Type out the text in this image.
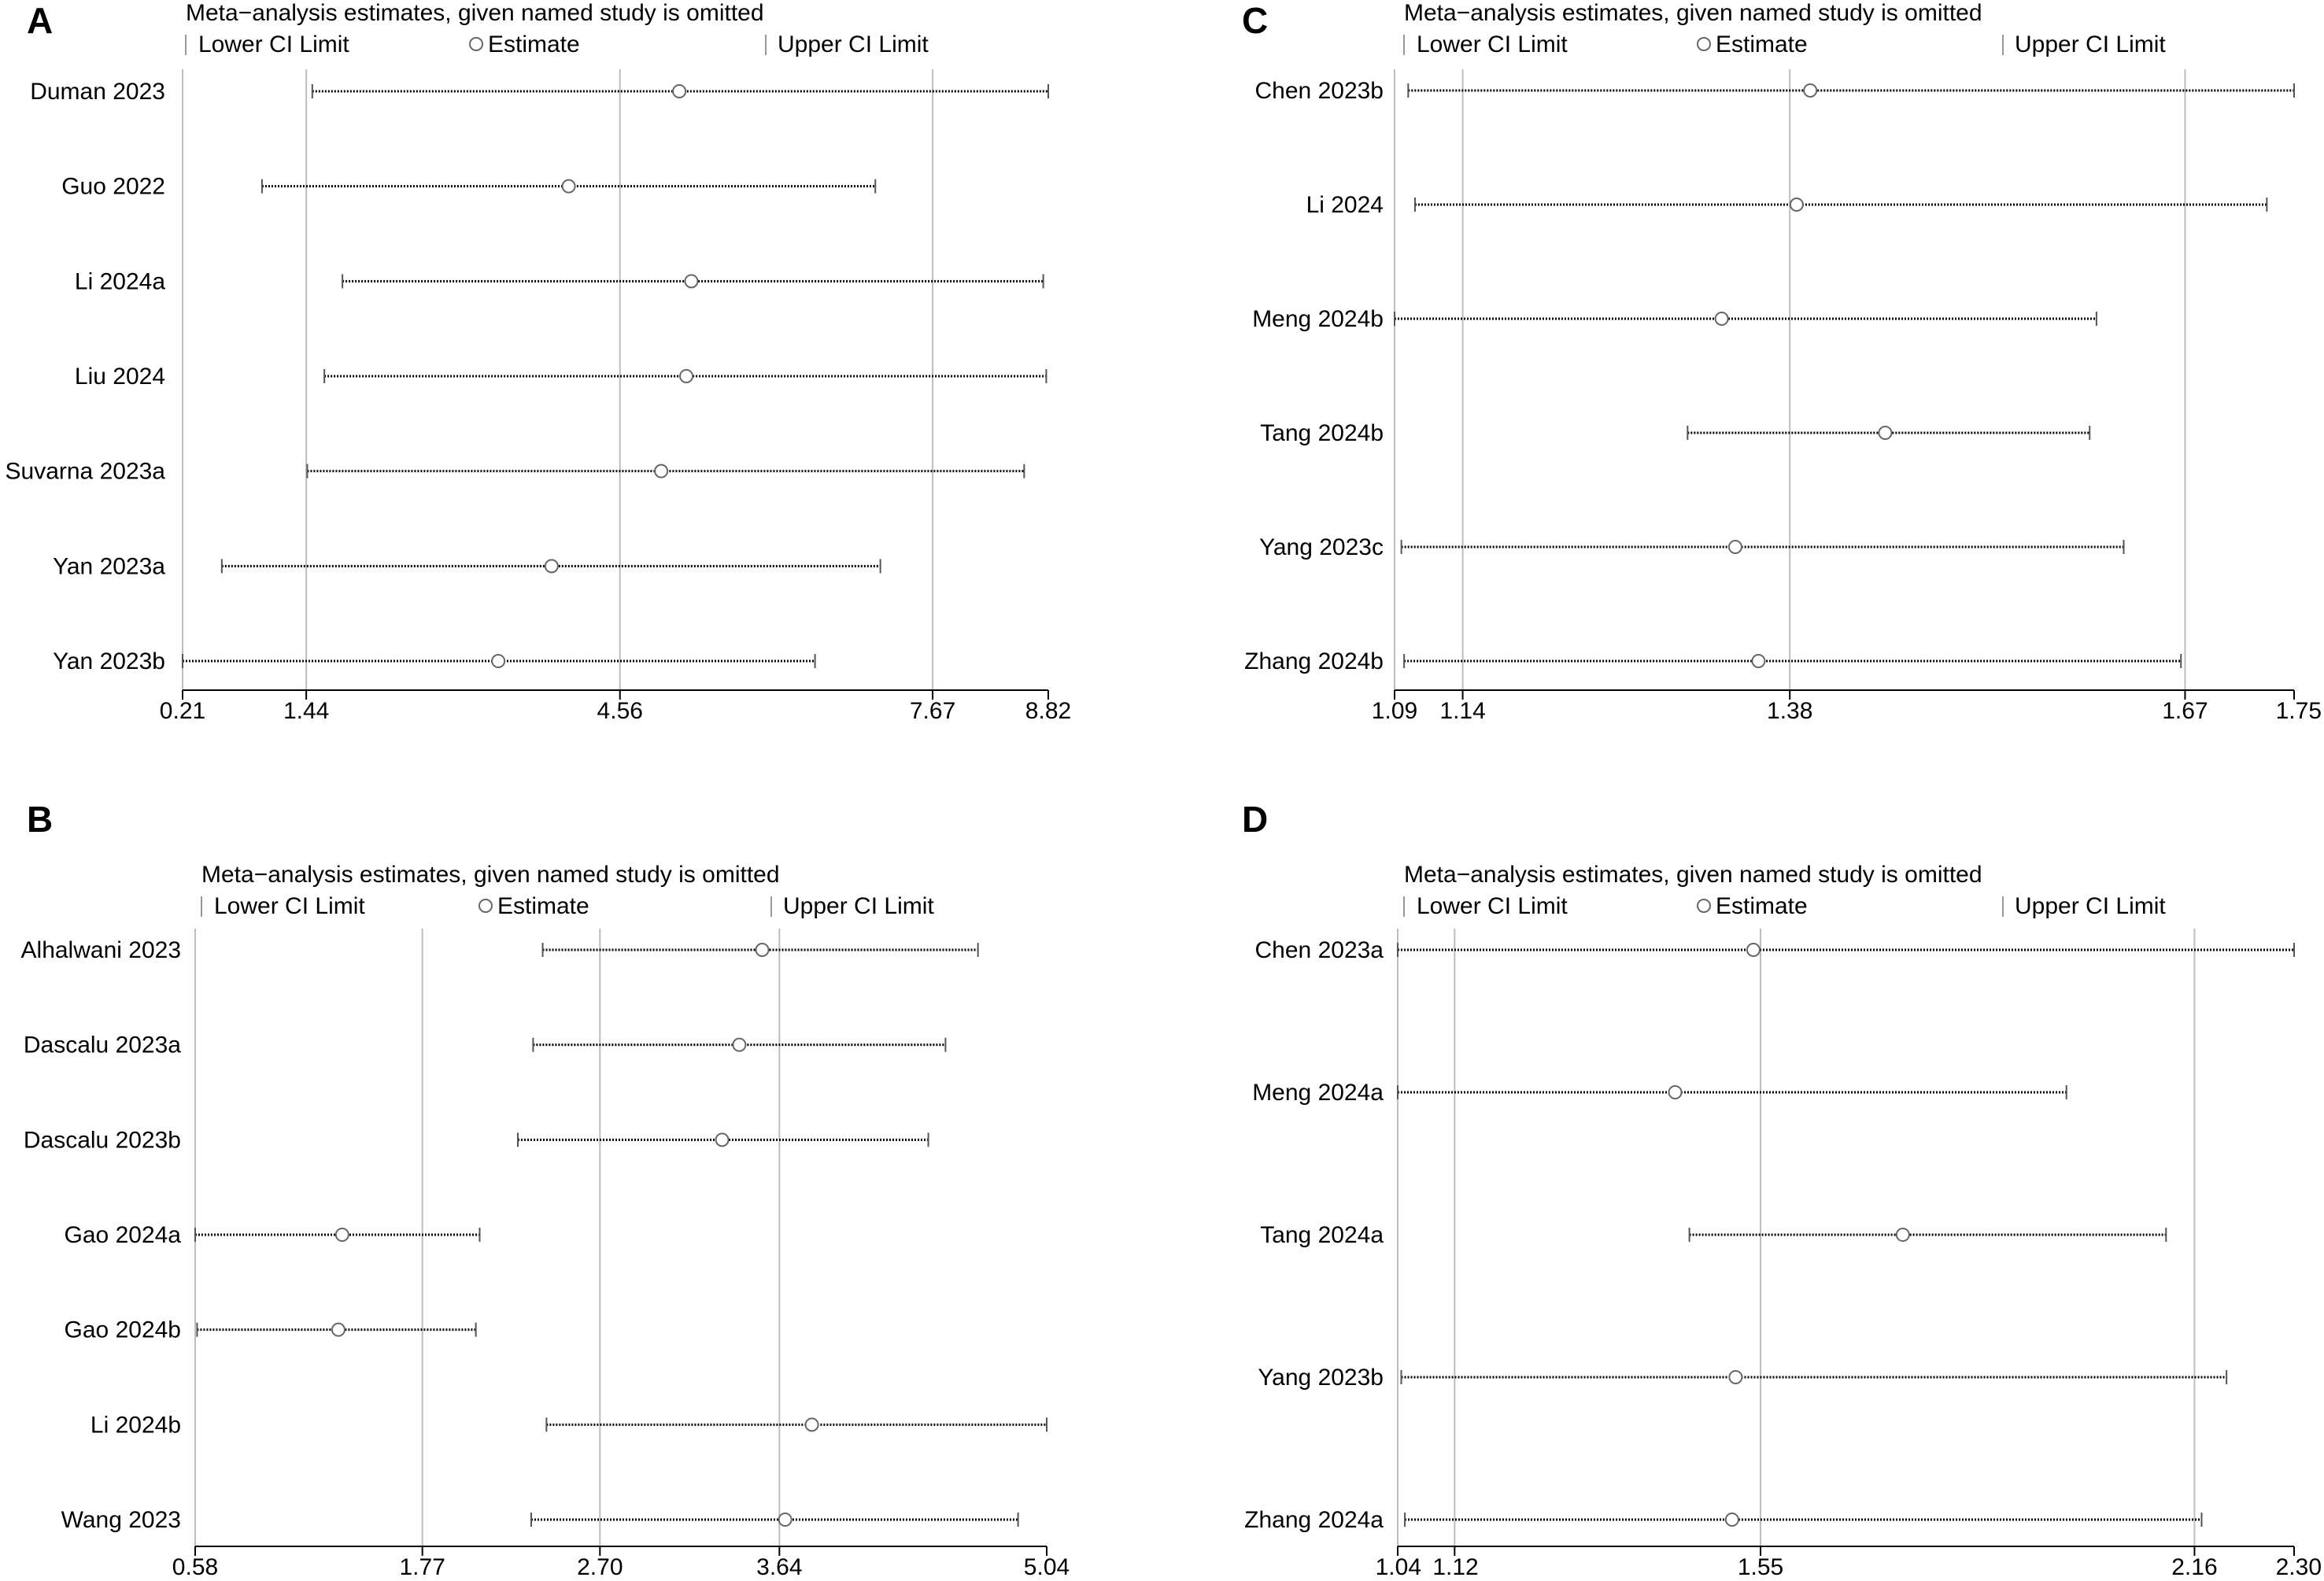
A	Meta−analysis estimates, given named study is omitted
Lower CI Limit	Estimate	Upper CI Limit
0.21	1.44	4.56	7.67	8.82
Duman 2023
Guo 2022
Li 2024a
Liu 2024
Suvarna 2023a
Yan 2023a
Yan 2023b
B
Meta−analysis estimates, given named study is omitted
Lower CI Limit	Estimate	Upper CI Limit
0.58	1.77	2.70	3.64	5.04
Alhalwani 2023
Dascalu 2023a
Dascalu 2023b
Gao 2024a
Gao 2024b
Li 2024b
Wang 2023
C	Meta−analysis estimates, given named study is omitted
Lower CI Limit	Estimate	Upper CI Limit
1.09 1.14	1.38	1.67	1.75
Chen 2023b
Li 2024
Meng 2024b
Tang 2024b
Yang 2023c
Zhang 2024b
D
Meta−analysis estimates, given named study is omitted
Lower CI Limit	Estimate	Upper CI Limit
1.04 1.12	1.55	2.16 2.30
Chen 2023a
Meng 2024a
Tang 2024a
Yang 2023b
Zhang 2024a
